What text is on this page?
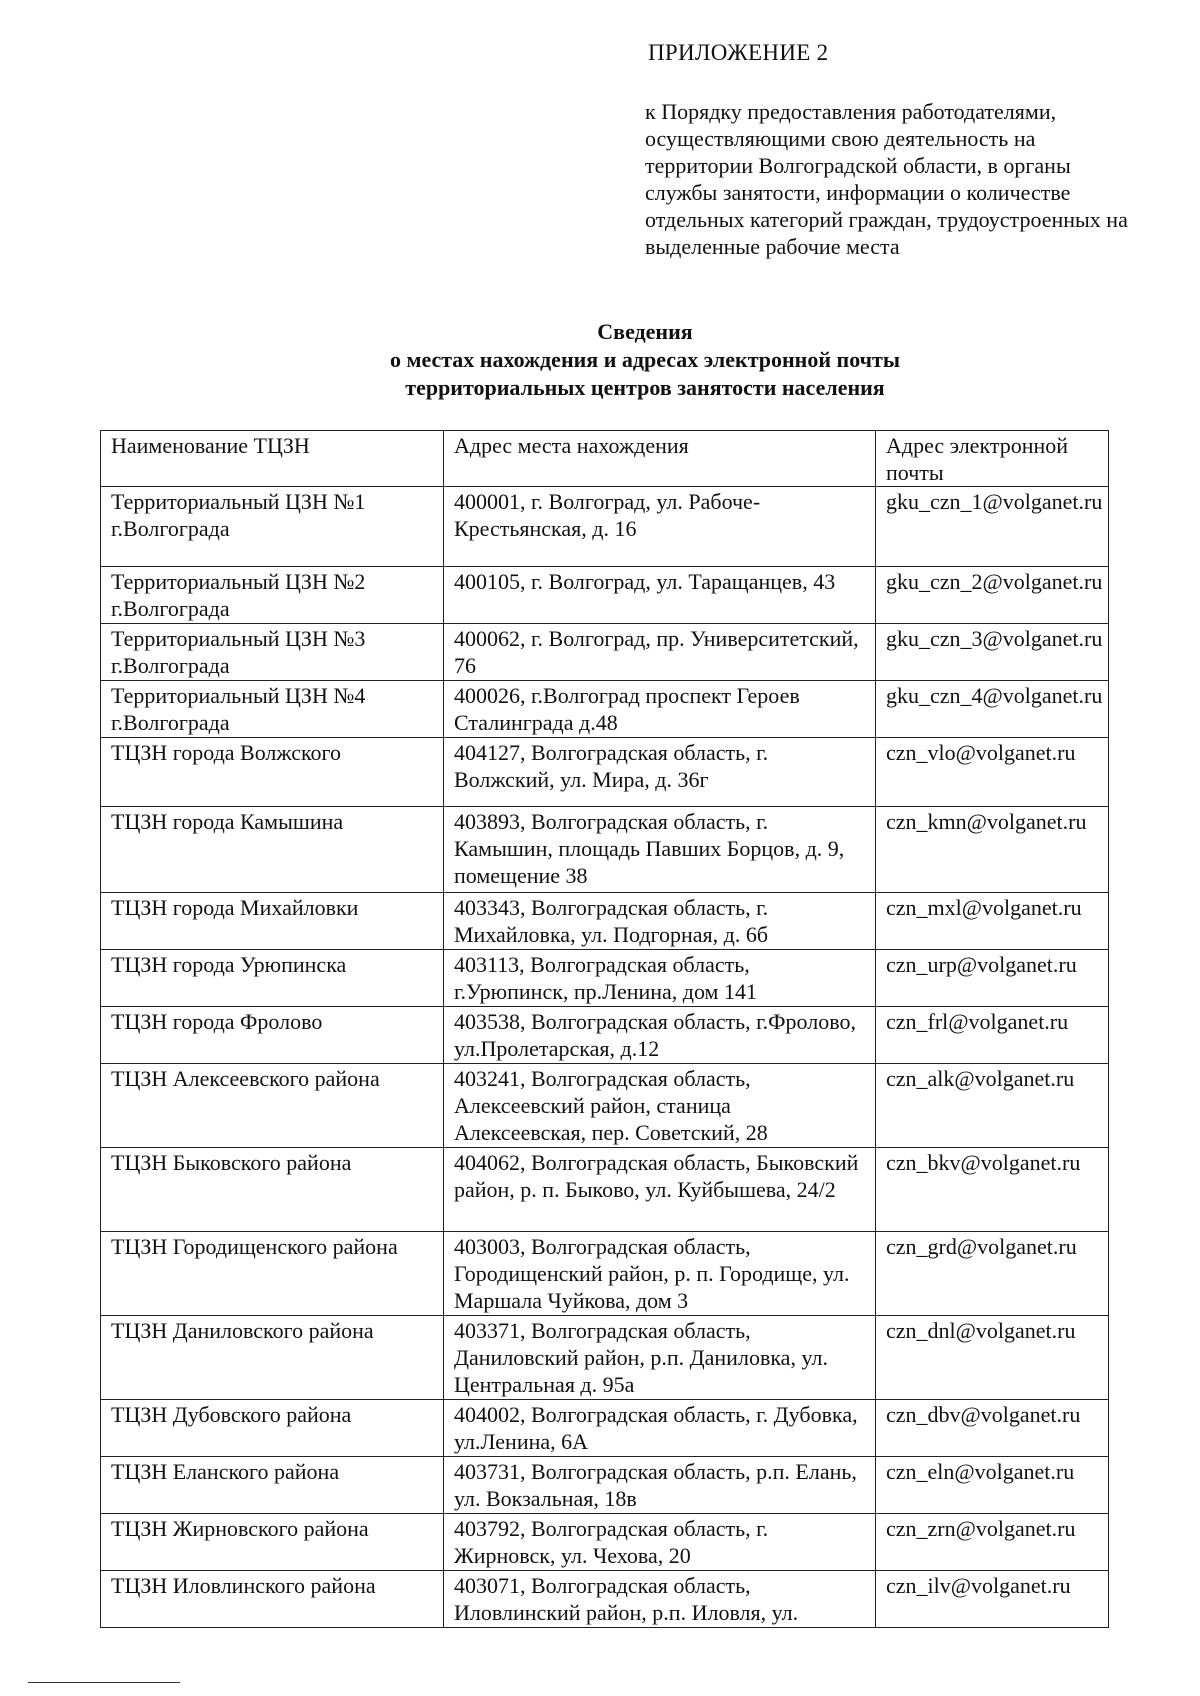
ПРИЛОЖЕНИЕ 2
к Порядку предоставления работодателями, осуществляющими свою деятельность на территории Волгоградской области, в органы службы занятости, информации о количестве отдельных категорий граждан, трудоустроенных на выделенные рабочие места
Сведения
о местах нахождения и адресах электронной почты
территориальных центров занятости населения
Наименование ТЦЗН	Адрес места нахождения	Адрес электронной почты
Территориальный ЦЗН №1 г.Волгограда	400001, г. Волгоград, ул. Рабоче-Крестьянская, д. 16	gku_czn_1@volganet.ru
Территориальный ЦЗН №2 г.Волгограда	400105, г. Волгоград, ул. Таращанцев, 43	gku_czn_2@volganet.ru
Территориальный ЦЗН №3 г.Волгограда	400062, г. Волгоград, пр. Университетский, 76	gku_czn_3@volganet.ru
Территориальный ЦЗН №4 г.Волгограда	400026, г.Волгоград проспект Героев Сталинграда д.48	gku_czn_4@volganet.ru
ТЦЗН города Волжского	404127, Волгоградская область, г. Волжский, ул. Мира, д. 36г	czn_vlo@volganet.ru
ТЦЗН города Камышина	403893, Волгоградская область, г. Камышин, площадь Павших Борцов, д. 9, помещение 38	czn_kmn@volganet.ru
ТЦЗН города Михайловки	403343, Волгоградская область, г. Михайловка, ул. Подгорная, д. 6б	czn_mxl@volganet.ru
ТЦЗН города Урюпинска	403113, Волгоградская область, г.Урюпинск, пр.Ленина, дом 141	czn_urp@volganet.ru
ТЦЗН города Фролово	403538, Волгоградская область, г.Фролово, ул.Пролетарская, д.12	czn_frl@volganet.ru
ТЦЗН Алексеевского района	403241, Волгоградская область, Алексеевский район, станица Алексеевская, пер. Советский, 28	czn_alk@volganet.ru
ТЦЗН Быковского района	404062, Волгоградская область, Быковский район, р. п. Быково, ул. Куйбышева, 24/2	czn_bkv@volganet.ru
ТЦЗН Городищенского района	403003, Волгоградская область, Городищенский район, р. п. Городище, ул. Маршала Чуйкова, дом 3	czn_grd@volganet.ru
ТЦЗН Даниловского района	403371, Волгоградская область, Даниловский район, р.п. Даниловка, ул. Центральная д. 95а	czn_dnl@volganet.ru
ТЦЗН Дубовского района	404002, Волгоградская область, г. Дубовка, ул.Ленина, 6А	czn_dbv@volganet.ru
ТЦЗН Еланского района	403731, Волгоградская область, р.п. Елань, ул. Вокзальная, 18в	czn_eln@volganet.ru
ТЦЗН Жирновского района	403792, Волгоградская область, г. Жирновск, ул. Чехова, 20	czn_zrn@volganet.ru
ТЦЗН Иловлинского района	403071, Волгоградская область, Иловлинский район, р.п. Иловля, ул.	czn_ilv@volganet.ru
